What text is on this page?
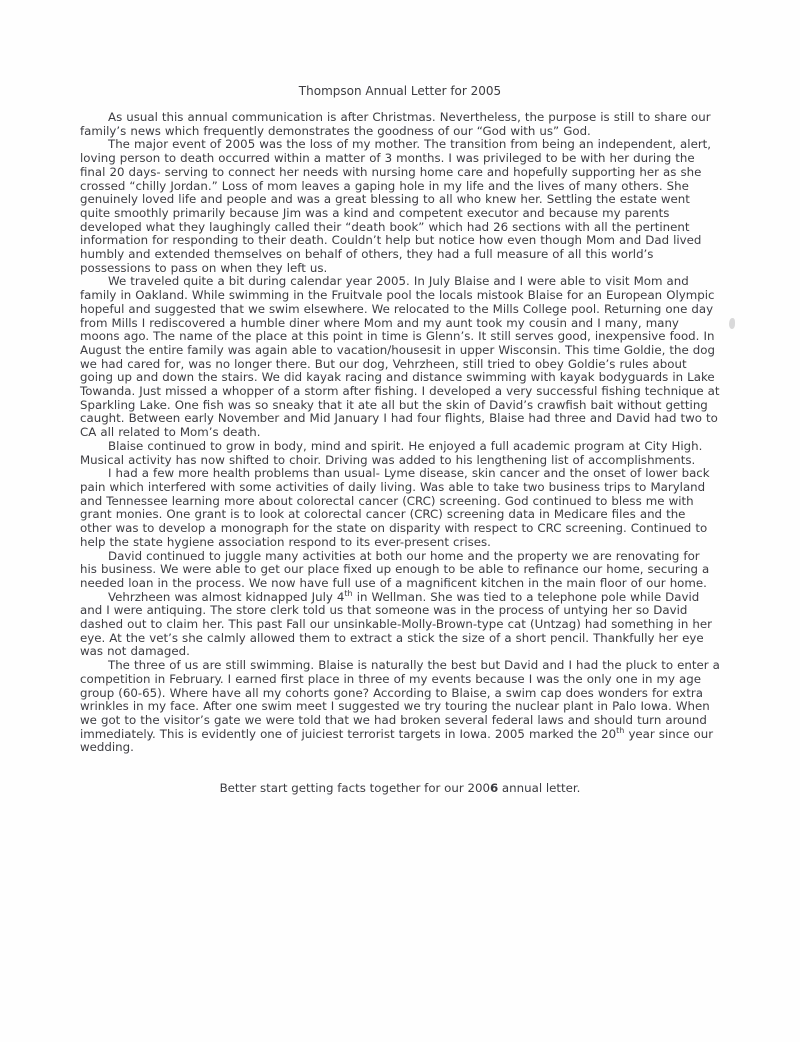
Thompson Annual Letter for 2005

As usual this annual communication is after Christmas. Nevertheless, the purpose is still to share our family’s news which frequently demonstrates the goodness of our “God with us” God.

The major event of 2005 was the loss of my mother. The transition from being an independent, alert, loving person to death occurred within a matter of 3 months. I was privileged to be with her during the final 20 days- serving to connect her needs with nursing home care and hopefully supporting her as she crossed “chilly Jordan.” Loss of mom leaves a gaping hole in my life and the lives of many others. She genuinely loved life and people and was a great blessing to all who knew her. Settling the estate went quite smoothly primarily because Jim was a kind and competent executor and because my parents developed what they laughingly called their “death book” which had 26 sections with all the pertinent information for responding to their death. Couldn’t help but notice how even though Mom and Dad lived humbly and extended themselves on behalf of others, they had a full measure of all this world’s possessions to pass on when they left us.

We traveled quite a bit during calendar year 2005. In July Blaise and I were able to visit Mom and family in Oakland. While swimming in the Fruitvale pool the locals mistook Blaise for an European Olympic hopeful and suggested that we swim elsewhere. We relocated to the Mills College pool. Returning one day from Mills I rediscovered a humble diner where Mom and my aunt took my cousin and I many, many moons ago. The name of the place at this point in time is Glenn’s. It still serves good, inexpensive food. In August the entire family was again able to vacation/housesit in upper Wisconsin. This time Goldie, the dog we had cared for, was no longer there. But our dog, Vehrzheen, still tried to obey Goldie’s rules about going up and down the stairs. We did kayak racing and distance swimming with kayak bodyguards in Lake Towanda. Just missed a whopper of a storm after fishing. I developed a very successful fishing technique at Sparkling Lake. One fish was so sneaky that it ate all but the skin of David’s crawfish bait without getting caught. Between early November and Mid January I had four flights, Blaise had three and David had two to CA all related to Mom’s death.

Blaise continued to grow in body, mind and spirit. He enjoyed a full academic program at City High. Musical activity has now shifted to choir. Driving was added to his lengthening list of accomplishments.

I had a few more health problems than usual- Lyme disease, skin cancer and the onset of lower back pain which interfered with some activities of daily living. Was able to take two business trips to Maryland and Tennessee learning more about colorectal cancer (CRC) screening. God continued to bless me with grant monies. One grant is to look at colorectal cancer (CRC) screening data in Medicare files and the other was to develop a monograph for the state on disparity with respect to CRC screening. Continued to help the state hygiene association respond to its ever-present crises.

David continued to juggle many activities at both our home and the property we are renovating for his business. We were able to get our place fixed up enough to be able to refinance our home, securing a needed loan in the process. We now have full use of a magnificent kitchen in the main floor of our home.

Vehrzheen was almost kidnapped July 4th in Wellman. She was tied to a telephone pole while David and I were antiquing. The store clerk told us that someone was in the process of untying her so David dashed out to claim her. This past Fall our unsinkable-Molly-Brown-type cat (Untzag) had something in her eye. At the vet’s she calmly allowed them to extract a stick the size of a short pencil. Thankfully her eye was not damaged.

The three of us are still swimming. Blaise is naturally the best but David and I had the pluck to enter a competition in February. I earned first place in three of my events because I was the only one in my age group (60-65). Where have all my cohorts gone? According to Blaise, a swim cap does wonders for extra wrinkles in my face. After one swim meet I suggested we try touring the nuclear plant in Palo Iowa. When we got to the visitor’s gate we were told that we had broken several federal laws and should turn around immediately. This is evidently one of juiciest terrorist targets in Iowa. 2005 marked the 20th year since our wedding.

Better start getting facts together for our 2006 annual letter.
